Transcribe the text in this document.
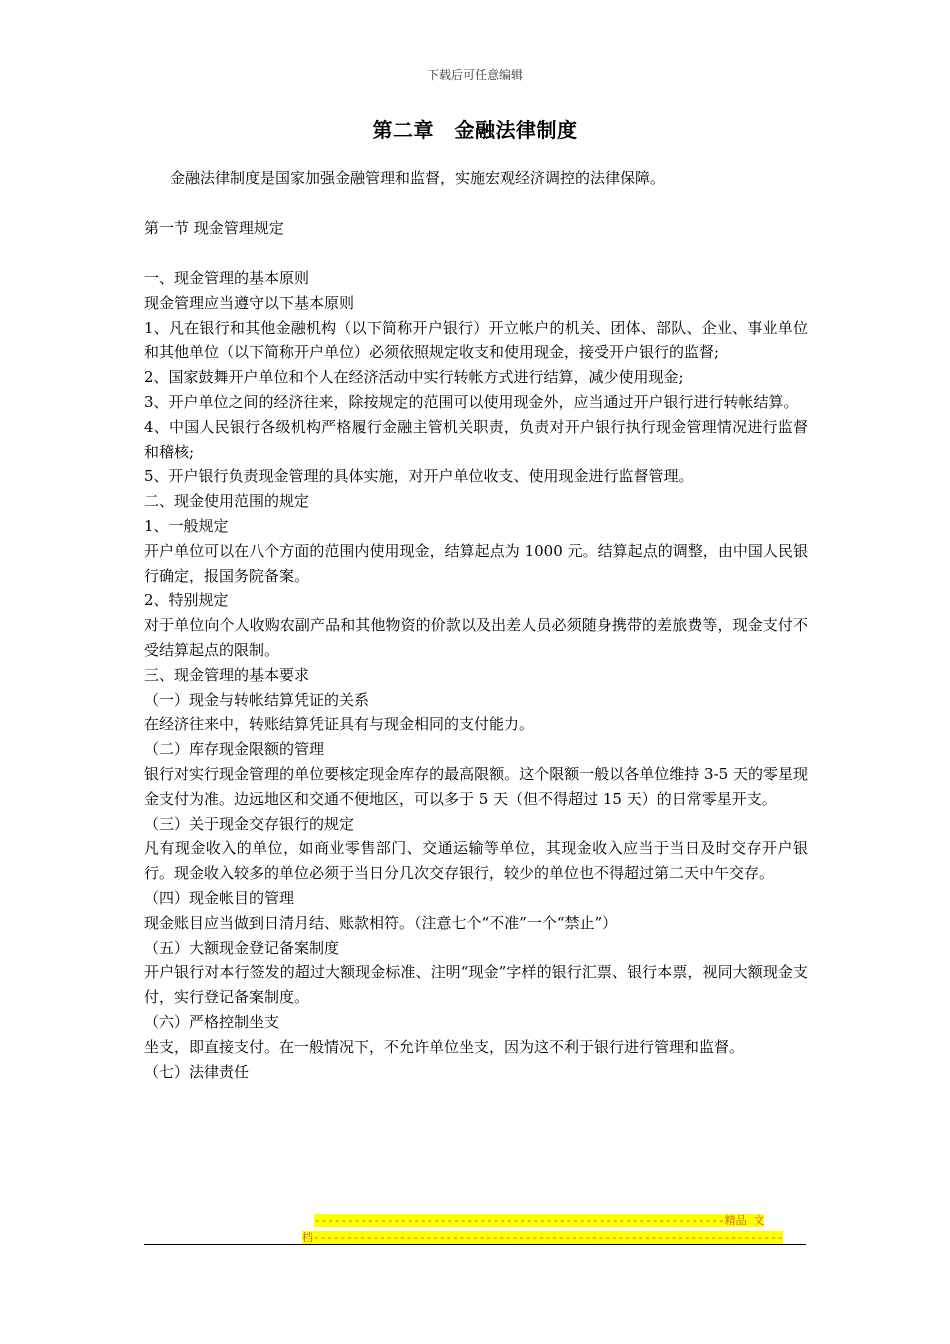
下载后可任意编辑
第二章　金融法律制度

金融法律制度是国家加强金融管理和监督，实施宏观经济调控的法律保障。

第一节 现金管理规定

一、现金管理的基本原则

现金管理应当遵守以下基本原则

1、凡在银行和其他金融机构（以下简称开户银行）开立帐户的机关、团体、部队、企业、事业单位和其他单位（以下简称开户单位）必须依照规定收支和使用现金，接受开户银行的监督;

2、国家鼓舞开户单位和个人在经济活动中实行转帐方式进行结算，减少使用现金;

3、开户单位之间的经济往来，除按规定的范围可以使用现金外，应当通过开户银行进行转帐结算。

4、中国人民银行各级机构严格履行金融主管机关职责，负责对开户银行执行现金管理情况进行监督和稽核;

5、开户银行负责现金管理的具体实施，对开户单位收支、使用现金进行监督管理。

二、现金使用范围的规定

1、一般规定

开户单位可以在八个方面的范围内使用现金，结算起点为 1000 元。结算起点的调整，由中国人民银行确定，报国务院备案。

2、特别规定

对于单位向个人收购农副产品和其他物资的价款以及出差人员必须随身携带的差旅费等，现金支付不受结算起点的限制。

三、现金管理的基本要求

（一）现金与转帐结算凭证的关系

在经济往来中，转账结算凭证具有与现金相同的支付能力。

（二）库存现金限额的管理

银行对实行现金管理的单位要核定现金库存的最高限额。这个限额一般以各单位维持 3-5 天的零星现金支付为准。边远地区和交通不便地区，可以多于 5 天（但不得超过 15 天）的日常零星开支。

（三）关于现金交存银行的规定

凡有现金收入的单位，如商业零售部门、交通运输等单位，其现金收入应当于当日及时交存开户银行。现金收入较多的单位必须于当日分几次交存银行，较少的单位也不得超过第二天中午交存。

（四）现金帐目的管理

现金账目应当做到日清月结、账款相符。（注意七个“不准”一个“禁止”）

（五）大额现金登记备案制度

开户银行对本行签发的超过大额现金标准、注明“现金”字样的银行汇票、银行本票，视同大额现金支付，实行登记备案制度。

（六）严格控制坐支

坐支，即直接支付。在一般情况下，不允许单位坐支，因为这不利于银行进行管理和监督。

（七）法律责任

--------------------------------------------------------------精品 文
档-----------------------------------------------------------------------
